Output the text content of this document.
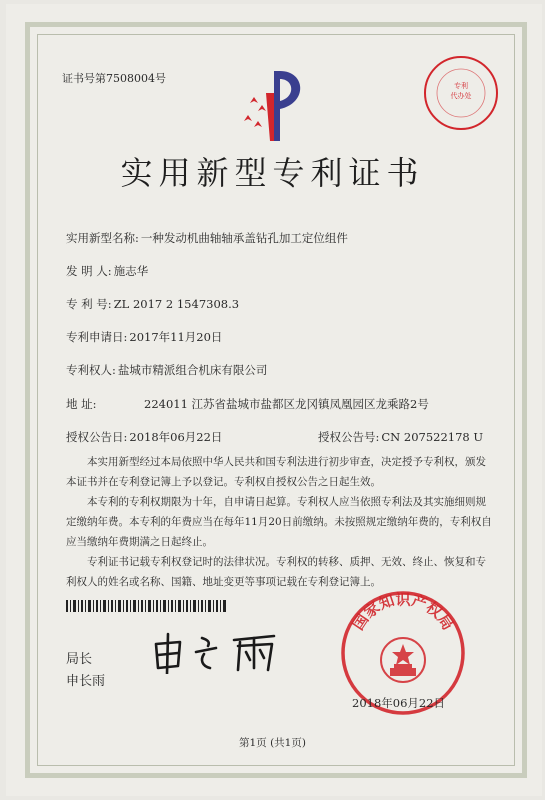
证书号第7508004号
专利
代办处
实用新型专利证书
实用新型名称: 一种发动机曲轴轴承盖钻孔加工定位组件
发 明 人: 施志华
专 利 号: ZL 2017 2 1547308.3
专利申请日: 2017年11月20日
专利权人: 盐城市精派组合机床有限公司
地 址:	224011 江苏省盐城市盐都区龙冈镇凤凰园区龙乘路2号
授权公告日: 2018年06月22日	授权公告号: CN 207522178 U

本实用新型经过本局依照中华人民共和国专利法进行初步审查，决定授予专利权，颁发本证书并在专利登记簿上予以登记。专利权自授权公告之日起生效。

本专利的专利权期限为十年，自申请日起算。专利权人应当依照专利法及其实施细则规定缴纳年费。本专利的年费应当在每年11月20日前缴纳。未按照规定缴纳年费的，专利权自应当缴纳年费期满之日起终止。

专利证书记载专利权登记时的法律状况。专利权的转移、质押、无效、终止、恢复和专利权人的姓名或名称、国籍、地址变更等事项记载在专利登记簿上。

局长
申长雨
国家知识产权局
2018年06月22日
第1页 (共1页)
